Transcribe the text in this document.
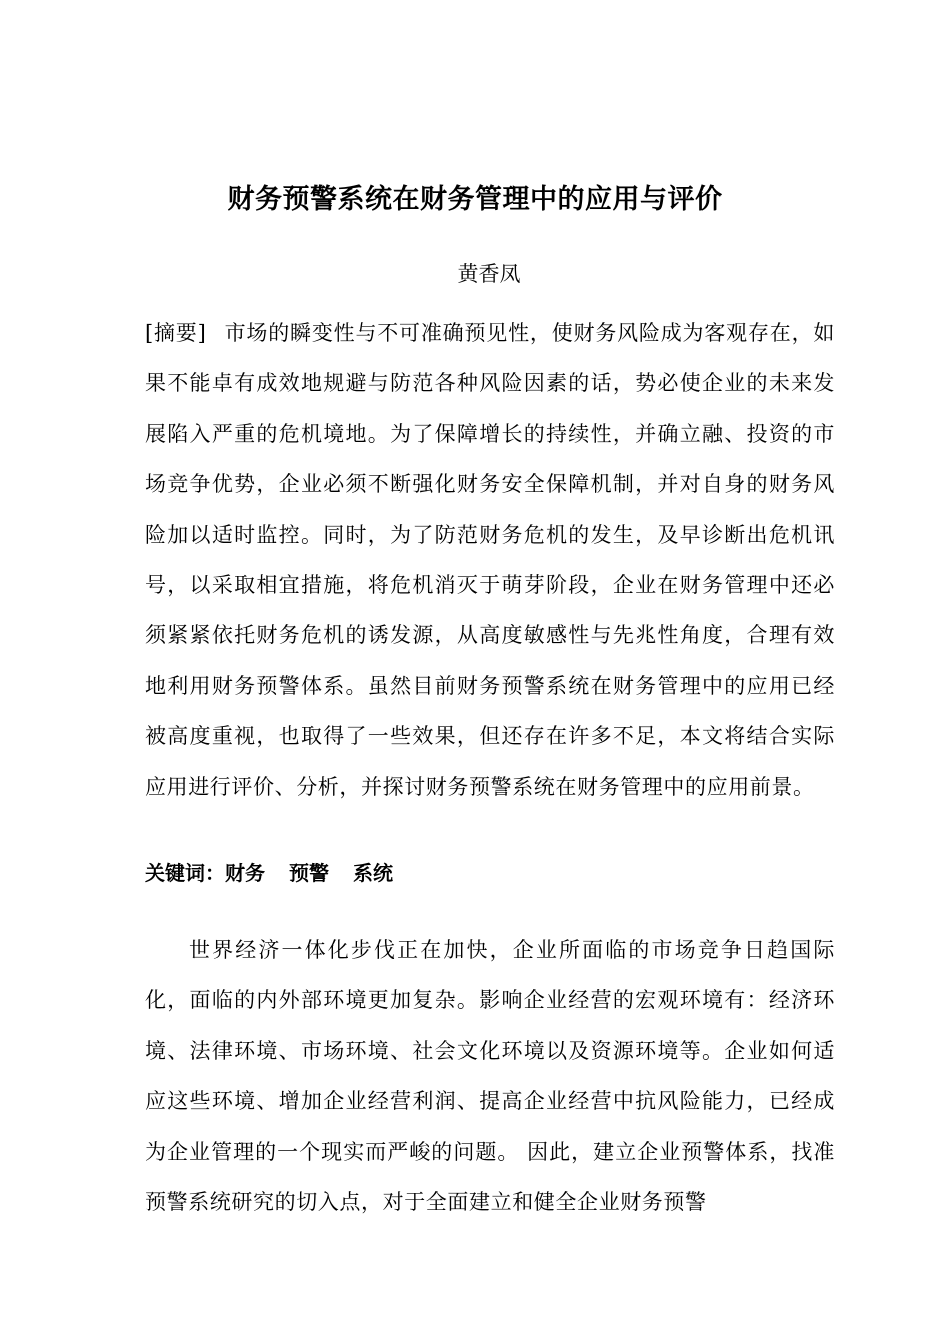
财务预警系统在财务管理中的应用与评价
黄香凤

[摘要] 市场的瞬变性与不可准确预见性，使财务风险成为客观存在，如果不能卓有成效地规避与防范各种风险因素的话，势必使企业的未来发展陷入严重的危机境地。为了保障增长的持续性，并确立融、投资的市场竞争优势，企业必须不断强化财务安全保障机制，并对自身的财务风险加以适时监控。同时，为了防范财务危机的发生，及早诊断出危机讯号，以采取相宜措施，将危机消灭于萌芽阶段，企业在财务管理中还必须紧紧依托财务危机的诱发源，从高度敏感性与先兆性角度，合理有效地利用财务预警体系。虽然目前财务预警系统在财务管理中的应用已经被高度重视，也取得了一些效果，但还存在许多不足，本文将结合实际应用进行评价、分析，并探讨财务预警系统在财务管理中的应用前景。

关键词：财务 预警 系统

世界经济一体化步伐正在加快，企业所面临的市场竞争日趋国际化，面临的内外部环境更加复杂。影响企业经营的宏观环境有：经济环境、法律环境、市场环境、社会文化环境以及资源环境等。企业如何适应这些环境、增加企业经营利润、提高企业经营中抗风险能力，已经成为企业管理的一个现实而严峻的问题。 因此，建立企业预警体系，找准预警系统研究的切入点，对于全面建立和健全企业财务预警
